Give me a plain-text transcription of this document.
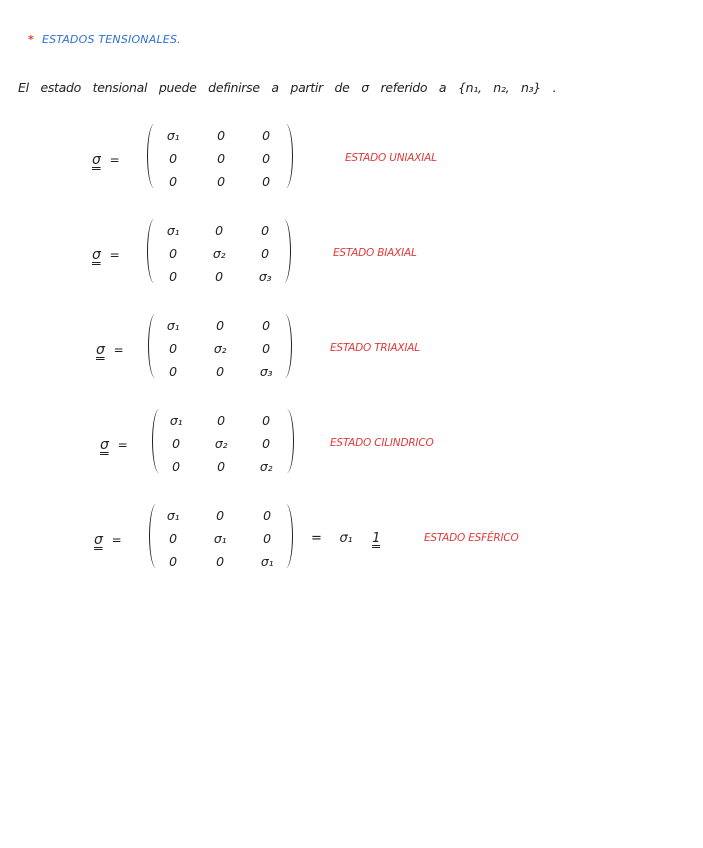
* ESTADOS TENSIONALES.
El estado tensional puede definirse a partir de σ referido a {n₁, n₂, n₃} .
σ =
σ₁	0	0
0	0	0
0	0	0
ESTADO UNIAXIAL
σ =
σ₁	0	0
0	σ₂	0
0	0	σ₃
ESTADO BIAXIAL
σ =
σ₁	0	0
0	σ₂	0
0	0	σ₃
ESTADO TRIAXIAL
σ =
σ₁	0	0
0	σ₂	0
0	0	σ₂
ESTADO CILINDRICO
σ =
σ₁	0	0
0	σ₁	0
0	0	σ₁
= σ₁ 1	ESTADO ESFÉRICO
